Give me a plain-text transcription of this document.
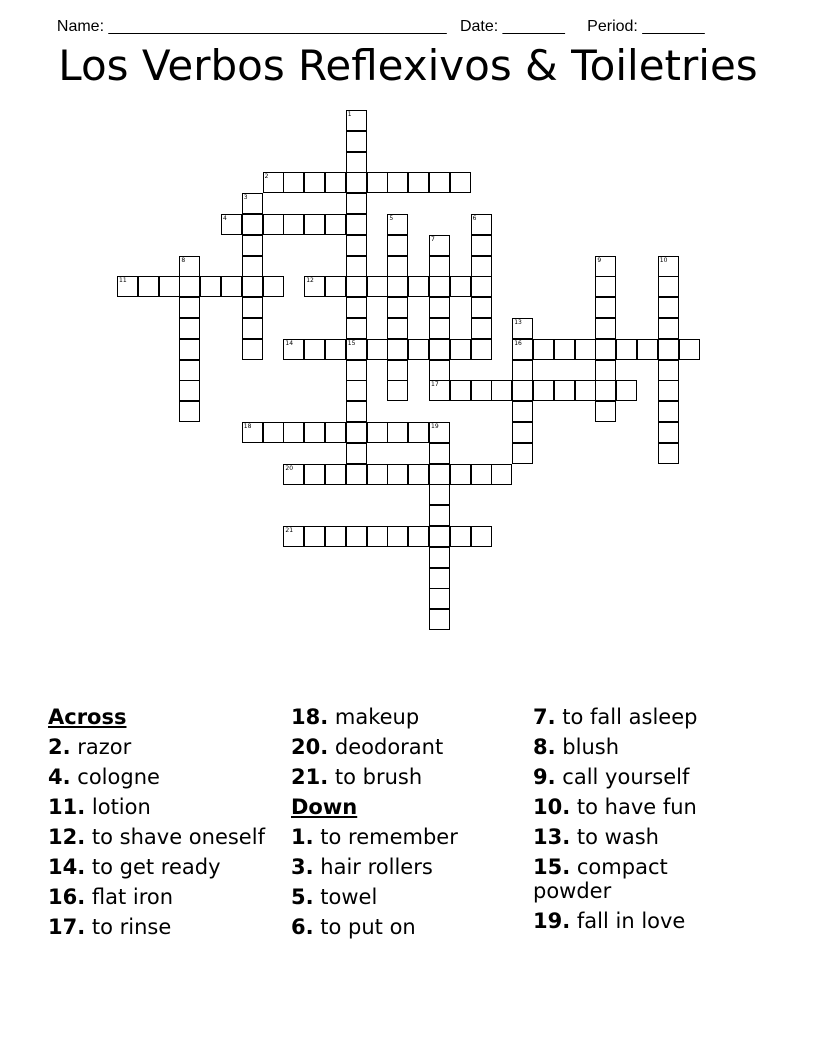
Name: ______________________________________ Date: _______ Period: _______

Los Verbos Reflexivos & Toiletries
1
15
2
3
4	5	6
7
8	9	10
11	12
13
16
14
17
18	19
20
21
Across
2. razor
4. cologne
11. lotion
12. to shave oneself
14. to get ready
16. flat iron
17. to rinse
18. makeup
20. deodorant
21. to brush
Down
1. to remember
3. hair rollers
5. towel
6. to put on
7. to fall asleep
8. blush
9. call yourself
10. to have fun
13. to wash
15. compact powder
19. fall in love
